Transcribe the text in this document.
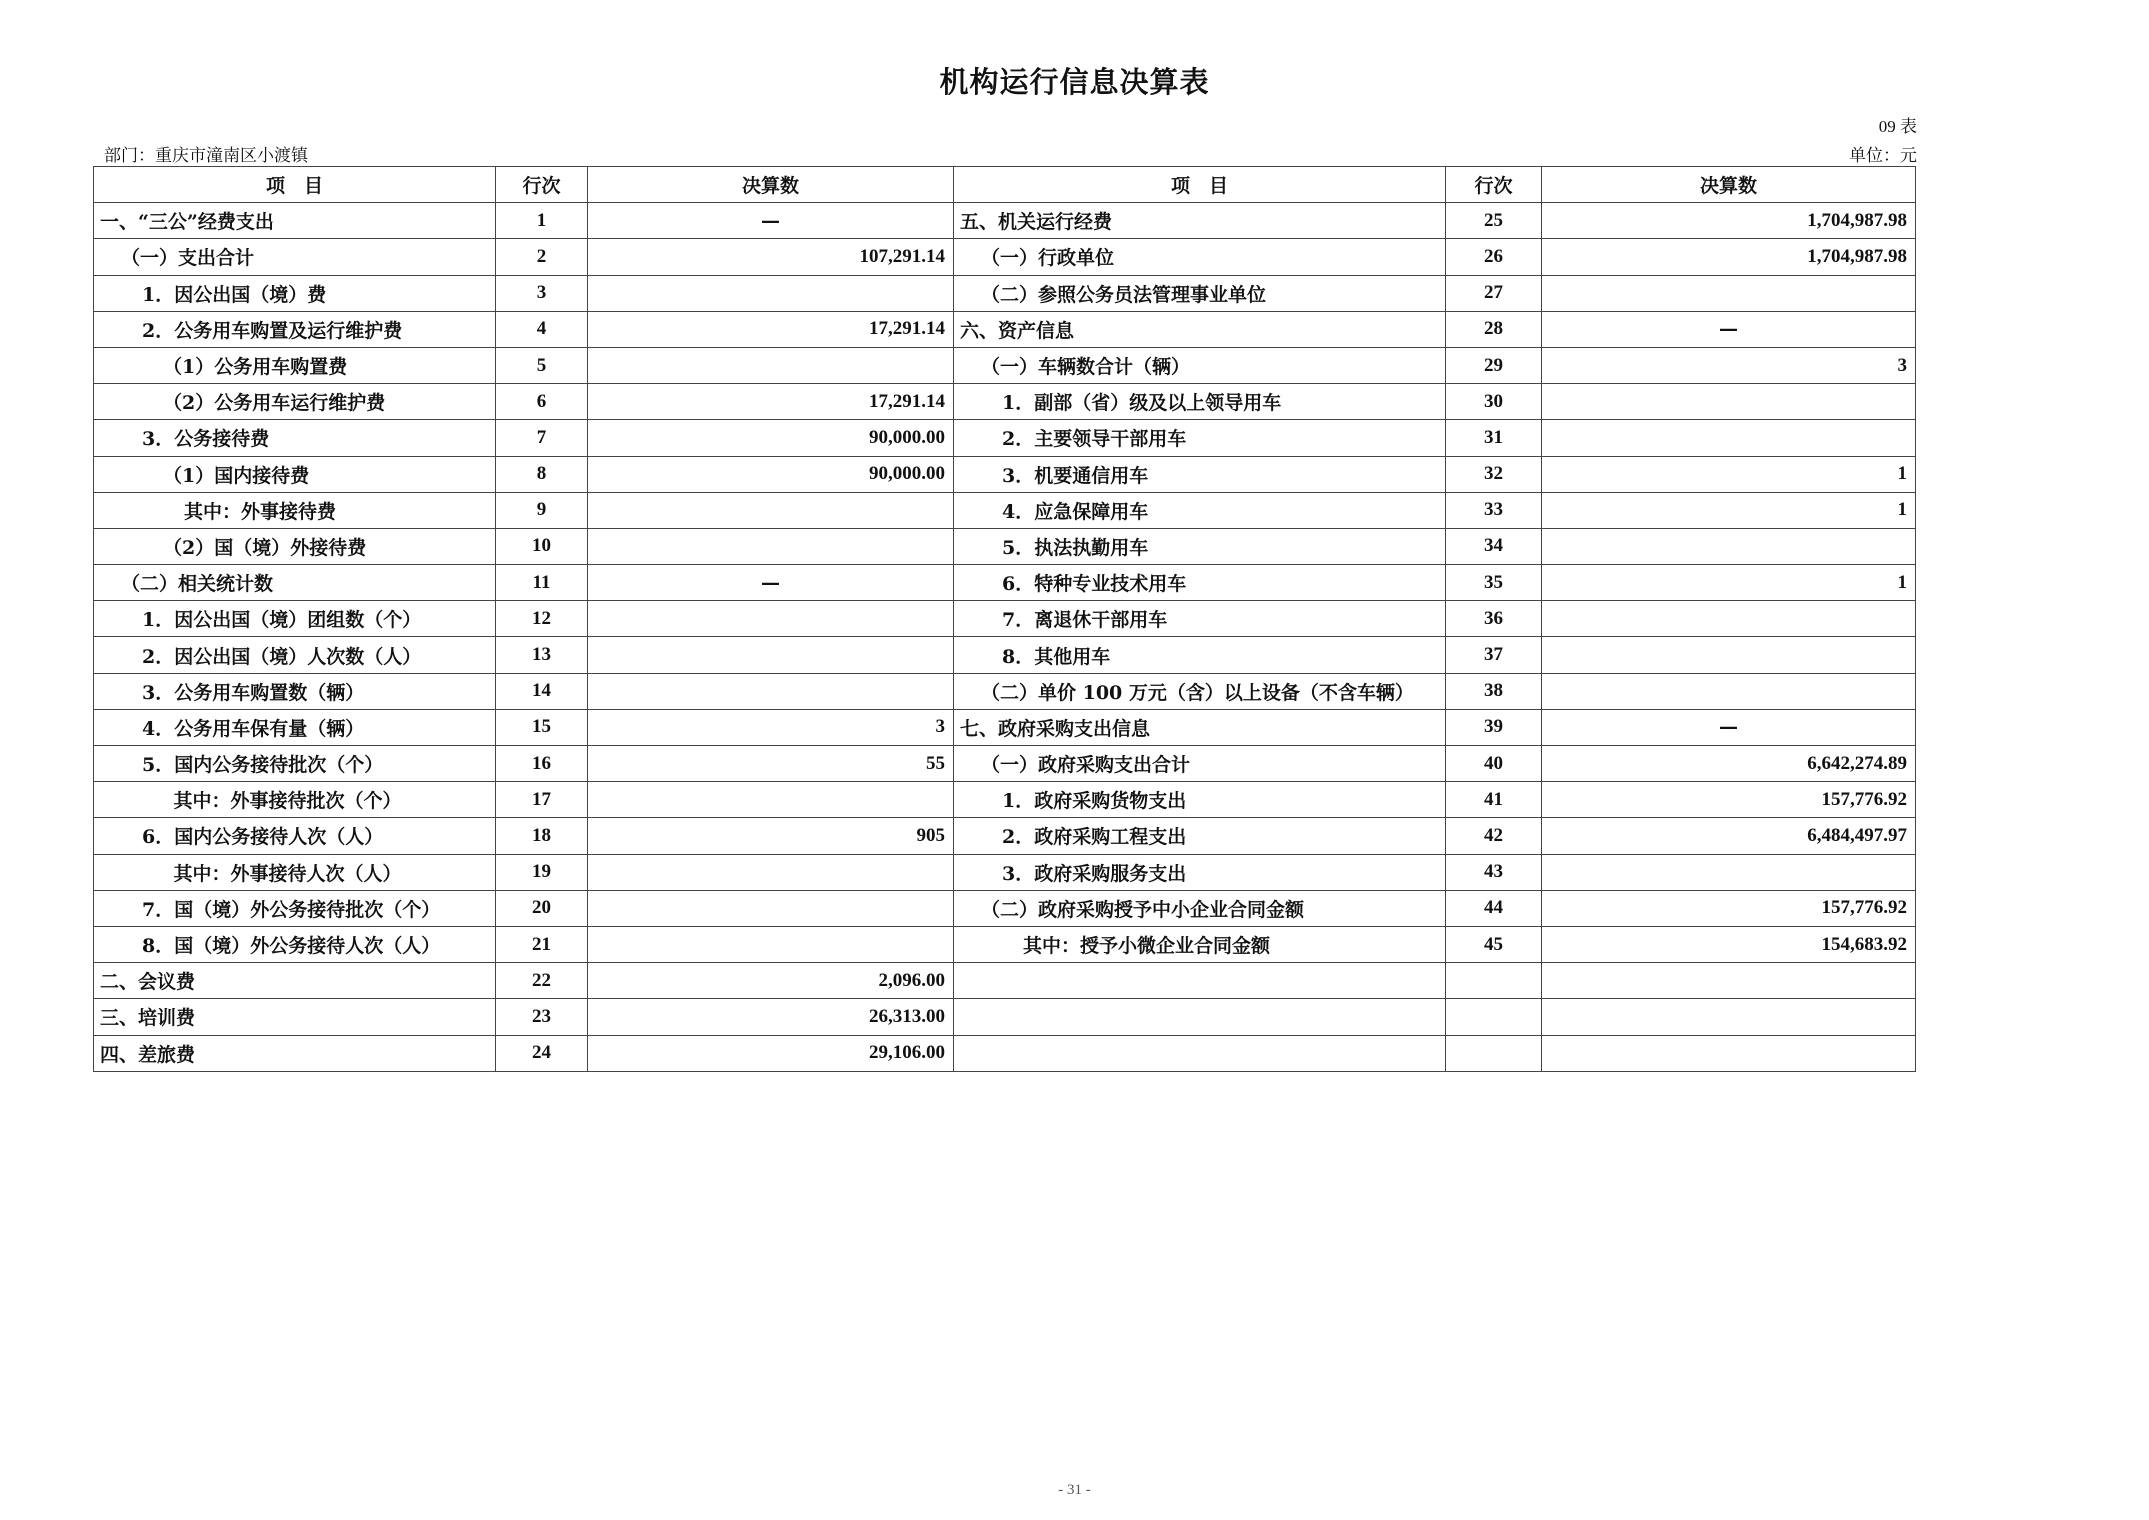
机构运行信息决算表
09 表
部门：重庆市潼南区小渡镇	单位：元
项　目	行次	决算数	项　目	行次	决算数
一、“三公”经费支出	1	—	五、机关运行经费	25	1,704,987.98
（一）支出合计	2	107,291.14	（一）行政单位	26	1,704,987.98
1．因公出国（境）费	3		（二）参照公务员法管理事业单位	27	
2．公务用车购置及运行维护费	4	17,291.14	六、资产信息	28	—
（1）公务用车购置费	5		（一）车辆数合计（辆）	29	3
（2）公务用车运行维护费	6	17,291.14	1．副部（省）级及以上领导用车	30	
3．公务接待费	7	90,000.00	2．主要领导干部用车	31	
（1）国内接待费	8	90,000.00	3．机要通信用车	32	1
其中：外事接待费	9		4．应急保障用车	33	1
（2）国（境）外接待费	10		5．执法执勤用车	34	
（二）相关统计数	11	—	6．特种专业技术用车	35	1
1．因公出国（境）团组数（个）	12		7．离退休干部用车	36	
2．因公出国（境）人次数（人）	13		8．其他用车	37	
3．公务用车购置数（辆）	14		（二）单价 100 万元（含）以上设备（不含车辆）	38	
4．公务用车保有量（辆）	15	3	七、政府采购支出信息	39	—
5．国内公务接待批次（个）	16	55	（一）政府采购支出合计	40	6,642,274.89
其中：外事接待批次（个）	17		1．政府采购货物支出	41	157,776.92
6．国内公务接待人次（人）	18	905	2．政府采购工程支出	42	6,484,497.97
其中：外事接待人次（人）	19		3．政府采购服务支出	43	
7．国（境）外公务接待批次（个）	20		（二）政府采购授予中小企业合同金额	44	157,776.92
8．国（境）外公务接待人次（人）	21		其中：授予小微企业合同金额	45	154,683.92
二、会议费	22	2,096.00			
三、培训费	23	26,313.00			
四、差旅费	24	29,106.00			
- 31 -
